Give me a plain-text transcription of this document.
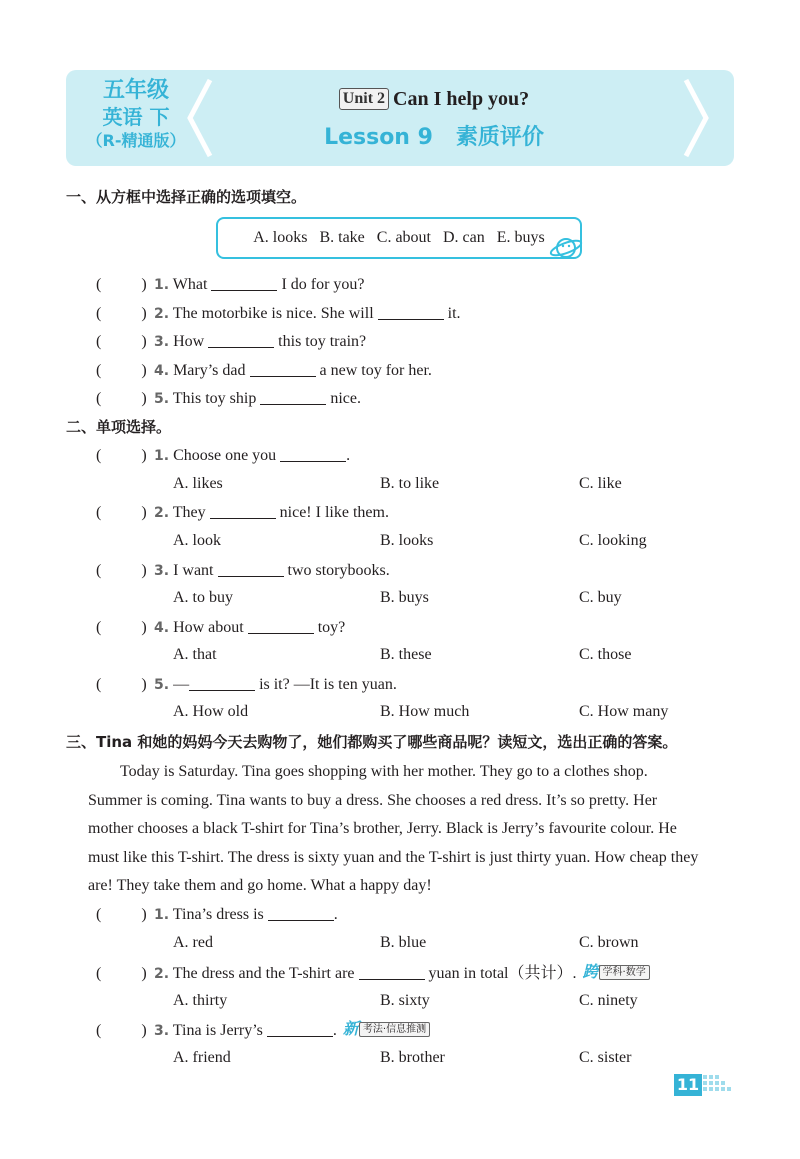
五年级
英语 下
（R-精通版）
Unit 2 Can I help you?
Lesson 9 素质评价
一、从方框中选择正确的选项填空。
A. looks B. take C. about D. can E. buys
(          ) 1. What	I do for you?
(          ) 2. The motorbike is nice. She will	it.
(          ) 3. How	this toy train?
(          ) 4. Mary’s dad	a new toy for her.
(          ) 5. This toy ship	nice.
二、单项选择。
(          ) 1. Choose one you	.
A. likes	B. to like	C. like
(          ) 2. They	nice! I like them.
A. look	B. looks	C. looking
(          ) 3. I want	two storybooks.
A. to buy	B. buys	C. buy
(          ) 4. How about	toy?
A. that	B. these	C. those
(          ) 5. —	is it? —It is ten yuan.
A. How old	B. How much	C. How many
三、Tina 和她的妈妈今天去购物了，她们都购买了哪些商品呢？读短文，选出正确的答案。
Today is Saturday. Tina goes shopping with her mother. They go to a clothes shop.
Summer is coming. Tina wants to buy a dress. She chooses a red dress. It’s so pretty. Her
mother chooses a black T-shirt for Tina’s brother, Jerry. Black is Jerry’s favourite colour. He
must like this T-shirt. The dress is sixty yuan and the T-shirt is just thirty yuan. How cheap they
are! They take them and go home. What a happy day!
(          ) 1. Tina’s dress is	.
A. red	B. blue	C. brown
(          ) 2. The dress and the T-shirt are	yuan in total（共计）. 跨 学科·数学
A. thirty	B. sixty	C. ninety
(          ) 3. Tina is Jerry’s	. 新 考法·信息推测
A. friend	B. brother	C. sister
11
